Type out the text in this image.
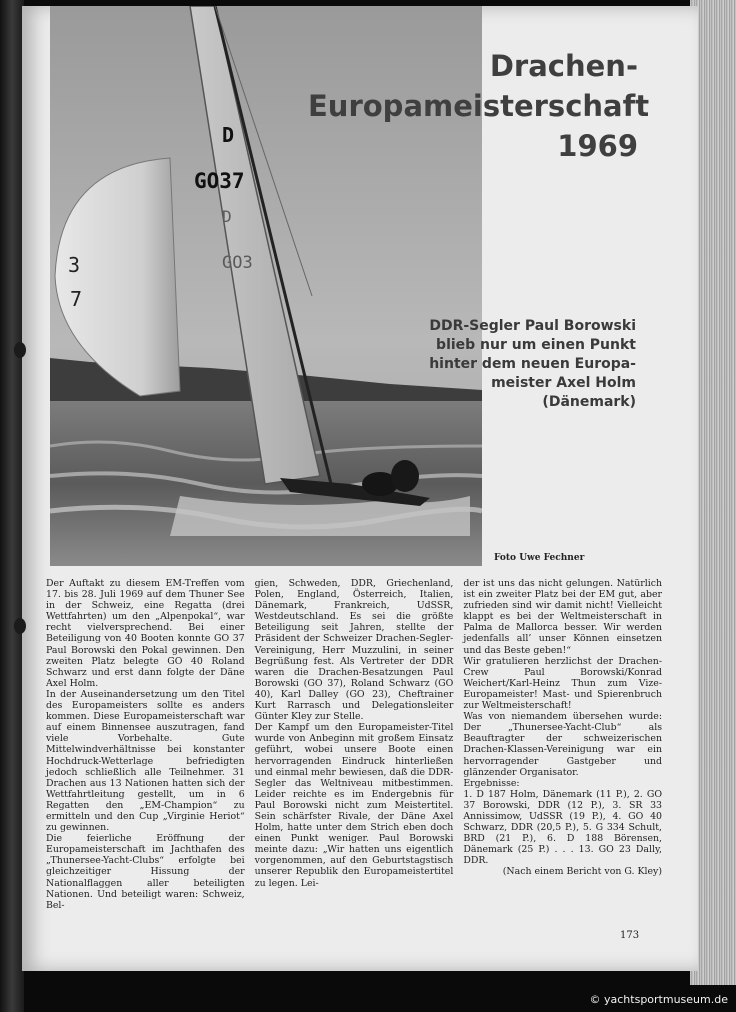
D
GO37
D
GO3
3
7
Drachen-
Europameisterschaft
1969

DDR-Segler Paul Borowski
blieb nur um einen Punkt
hinter dem neuen Europa-
meister Axel Holm
(Dänemark)

Foto Uwe Fechner

Der Auftakt zu diesem EM-Treffen vom 17. bis 28. Juli 1969 auf dem Thuner See in der Schweiz, eine Regatta (drei Wettfahrten) um den „Alpenpokal“, war recht vielversprechend. Bei einer Beteiligung von 40 Booten konnte GO 37 Paul Borowski den Pokal gewinnen. Den zweiten Platz belegte GO 40 Roland Schwarz und erst dann folgte der Däne Axel Holm.

In der Auseinandersetzung um den Titel des Europameisters sollte es anders kommen. Diese Europameisterschaft war auf einem Binnensee auszutragen, fand viele Vorbehalte. Gute Mittelwindverhältnisse bei konstanter Hochdruck-Wetterlage befriedigten jedoch schließlich alle Teilnehmer. 31 Drachen aus 13 Nationen hatten sich der Wettfahrtleitung gestellt, um in 6 Regatten den „EM-Champion“ zu ermitteln und den Cup „Virginie Heriot“ zu gewinnen.

Die feierliche Eröffnung der Europameisterschaft im Jachthafen des „Thunersee-Yacht-Clubs“ erfolgte bei gleichzeitiger Hissung der Nationalflaggen aller beteiligten Nationen. Und beteiligt waren: Schweiz, Bel-

gien, Schweden, DDR, Griechenland, Polen, England, Österreich, Italien, Dänemark, Frankreich, UdSSR, Westdeutschland. Es sei die größte Beteiligung seit Jahren, stellte der Präsident der Schweizer Drachen-Segler-Vereinigung, Herr Muzzulini, in seiner Begrüßung fest. Als Vertreter der DDR waren die Drachen-Besatzungen Paul Borowski (GO 37), Roland Schwarz (GO 40), Karl Dalley (GO 23), Cheftrainer Kurt Rarrasch und Delegationsleiter Günter Kley zur Stelle.

Der Kampf um den Europameister-Titel wurde von Anbeginn mit großem Einsatz geführt, wobei unsere Boote einen hervorragenden Eindruck hinterließen und einmal mehr bewiesen, daß die DDR-Segler das Weltniveau mitbestimmen. Leider reichte es im Endergebnis für Paul Borowski nicht zum Meistertitel. Sein schärfster Rivale, der Däne Axel Holm, hatte unter dem Strich eben doch einen Punkt weniger. Paul Borowski meinte dazu: „Wir hatten uns eigentlich vorgenommen, auf den Geburtstagstisch unserer Republik den Europameistertitel zu legen. Lei-

der ist uns das nicht gelungen. Natürlich ist ein zweiter Platz bei der EM gut, aber zufrieden sind wir damit nicht! Vielleicht klappt es bei der Weltmeisterschaft in Palma de Mallorca besser. Wir werden jedenfalls all’ unser Können einsetzen und das Beste geben!“

Wir gratulieren herzlichst der Drachen-Crew Paul Borowski/Konrad Weichert/Karl-Heinz Thun zum Vize-Europameister! Mast- und Spierenbruch zur Weltmeisterschaft!

Was von niemandem übersehen wurde: Der „Thunersee-Yacht-Club“ als Beauftragter der schweizerischen Drachen-Klassen-Vereinigung war ein hervorragender Gastgeber und glänzender Organisator.

Ergebnisse:

1. D 187 Holm, Dänemark (11 P.), 2. GO 37 Borowski, DDR (12 P.), 3. SR 33 Annissimow, UdSSR (19 P.), 4. GO 40 Schwarz, DDR (20,5 P.), 5. G 334 Schult, BRD (21 P.), 6. D 188 Börensen, Dänemark (25 P.) . . . 13. GO 23 Dally, DDR.

(Nach einem Bericht von G. Kley)

173
© yachtsportmuseum.de
